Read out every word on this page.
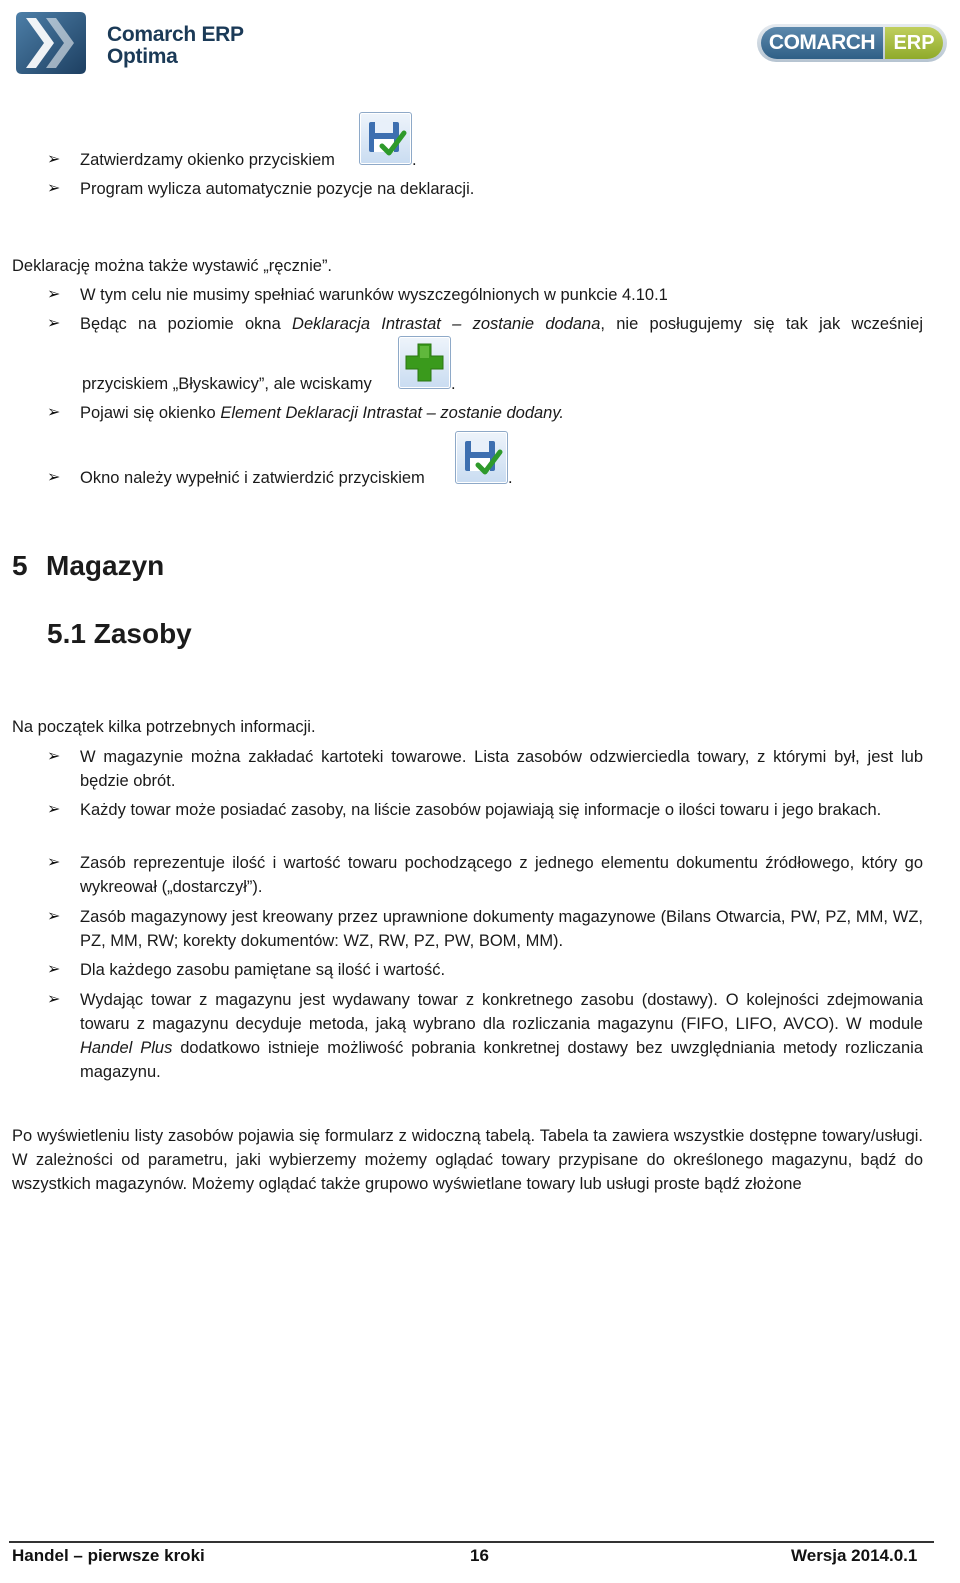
Comarch ERP
Optima
COMARCH ERP
➢ Zatwierdzamy okienko przyciskiem	.
➢ Program wylicza automatycznie pozycje na deklaracji.
Deklarację można także wystawić „ręcznie”.
➢ W tym celu nie musimy spełniać warunków wyszczególnionych w punkcie 4.10.1
➢ Będąc na poziomie okna Deklaracja Intrastat – zostanie dodana, nie posługujemy się tak jak wcześniej
przyciskiem „Błyskawicy”, ale wciskamy	.
➢ Pojawi się okienko Element Deklaracji Intrastat – zostanie dodany.
➢ Okno należy wypełnić i zatwierdzić przyciskiem	.
5 Magazyn
5.1 Zasoby
Na początek kilka potrzebnych informacji.
➢ W magazynie można zakładać kartoteki towarowe. Lista zasobów odzwierciedla towary, z którymi był, jest lub będzie obrót.
➢ Każdy towar może posiadać zasoby, na liście zasobów pojawiają się informacje o ilości towaru i jego brakach.
➢ Zasób reprezentuje ilość i wartość towaru pochodzącego z jednego elementu dokumentu źródłowego, który go wykreował („dostarczył”).
➢ Zasób magazynowy jest kreowany przez uprawnione dokumenty magazynowe (Bilans Otwarcia, PW, PZ, MM, WZ, PZ, MM, RW; korekty dokumentów: WZ, RW, PZ, PW, BOM, MM).
➢ Dla każdego zasobu pamiętane są ilość i wartość.
➢ Wydając towar z magazynu jest wydawany towar z konkretnego zasobu (dostawy). O kolejności zdejmowania towaru z magazynu decyduje metoda, jaką wybrano dla rozliczania magazynu (FIFO, LIFO, AVCO). W module Handel Plus dodatkowo istnieje możliwość pobrania konkretnej dostawy bez uwzględniania metody rozliczania magazynu.
Po wyświetleniu listy zasobów pojawia się formularz z widoczną tabelą. Tabela ta zawiera wszystkie dostępne towary/usługi. W zależności od parametru, jaki wybierzemy możemy oglądać towary przypisane do określonego magazynu, bądź do wszystkich magazynów. Możemy oglądać także grupowo wyświetlane towary lub usługi proste bądź złożone
Handel – pierwsze kroki	16	Wersja 2014.0.1
